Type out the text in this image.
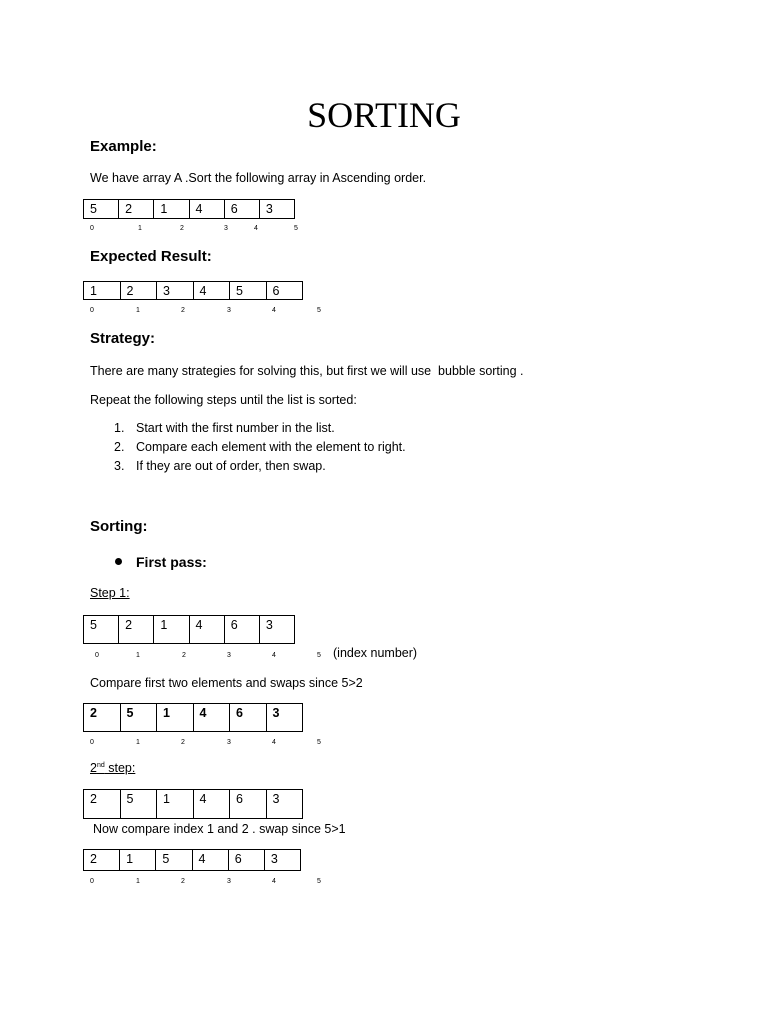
SORTING
Example:
We have array A .Sort the following array in Ascending order.
5	2	1	4	6	3
0	1	2	3	4	5
Expected Result:
1	2	3	4	5	6
0	1	2	3	4	5
Strategy:
There are many strategies for solving this, but first we will use  bubble sorting .
Repeat the following steps until the list is sorted:
1. Start with the first number in the list.
2. Compare each element with the element to right.
3. If they are out of order, then swap.
Sorting:
First pass:
Step 1:
5	2	1	4	6	3
0	1	2	3	4	5 (index number)
Compare first two elements and swaps since 5>2
2	5	1	4	6	3
0	1	2	3	4	5
2nd step:
2	5	1	4	6	3
Now compare index 1 and 2 . swap since 5>1
2	1	5	4	6	3
0	1	2	3	4	5
